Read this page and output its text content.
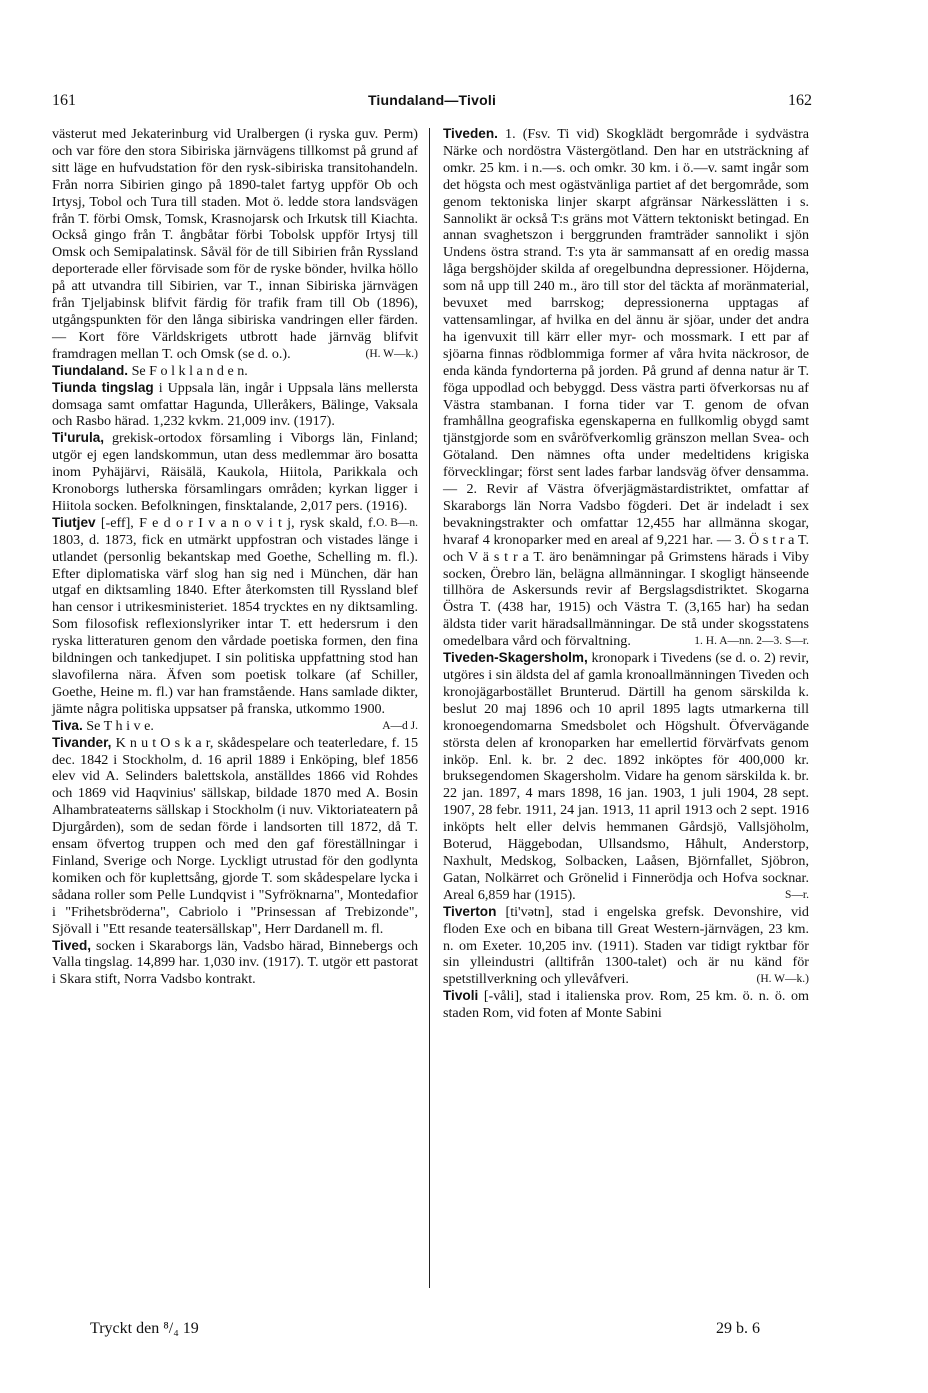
161	Tiundaland—Tivoli	162

västerut med Jekaterinburg vid Uralbergen (i ryska guv. Perm) och var före den stora Sibiriska järnvägens tillkomst på grund af sitt läge en hufvudstation för den rysk-sibiriska transitohandeln. Från norra Sibirien gingo på 1890-talet fartyg uppför Ob och Irtysj, Tobol och Tura till staden. Mot ö. ledde stora landsvägen från T. förbi Omsk, Tomsk, Krasnojarsk och Irkutsk till Kiachta. Också gingo från T. ångbåtar förbi Tobolsk uppför Irtysj till Omsk och Semipalatinsk. Såväl för de till Sibirien från Ryssland deporterade eller förvisade som för de ryske bönder, hvilka höllo på att utvandra till Sibirien, var T., innan Sibiriska järnvägen från Tjeljabinsk blifvit färdig för trafik fram till Ob (1896), utgångspunkten för den långa sibiriska vandringen eller färden. — Kort före Världskrigets utbrott hade järnväg blifvit framdragen mellan T. och Omsk (se d. o.).	(H. W—k.)

Tiundaland. Se F o l k l a n d e n.

Tiunda tingslag i Uppsala län, ingår i Uppsala läns mellersta domsaga samt omfattar Hagunda, Ulleråkers, Bälinge, Vaksala och Rasbo härad. 1,232 kvkm. 21,009 inv. (1917).

Ti'urula, grekisk-ortodox församling i Viborgs län, Finland; utgör ej egen landskommun, utan dess medlemmar äro bosatta inom Pyhäjärvi, Räisälä, Kaukola, Hiitola, Parikkala och Kronoborgs lutherska församlingars områden; kyrkan ligger i Hiitola socken. Befolkningen, finsktalande, 2,017 pers. (1916).
O. B—n.

Tiutjev [-eff], F e d o r I v a n o v i t j, rysk skald, f. 1803, d. 1873, fick en utmärkt uppfostran och vistades länge i utlandet (personlig bekantskap med Goethe, Schelling m. fl.). Efter diplomatiska värf slog han sig ned i München, där han utgaf en diktsamling 1840. Efter återkomsten till Ryssland blef han censor i utrikesministeriet. 1854 trycktes en ny diktsamling. Som filosofisk reflexionslyriker intar T. ett hedersrum i den ryska litteraturen genom den vårdade poetiska formen, den fina bildningen och tankedjupet. I sin politiska uppfattning stod han slavofilerna nära. Äfven som poetisk tolkare (af Schiller, Goethe, Heine m. fl.) var han framstående. Hans samlade dikter, jämte några politiska uppsatser på franska, utkommo 1900.
A—d J.

Tiva. Se T h i v e.

Tivander, K n u t O s k a r, skådespelare och teaterledare, f. 15 dec. 1842 i Stockholm, d. 16 april 1889 i Enköping, blef 1856 elev vid A. Selinders balettskola, anställdes 1866 vid Rohdes och 1869 vid Haqvinius' sällskap, bildade 1870 med A. Bosin Alhambrateaterns sällskap i Stockholm (i nuv. Viktoriateatern på Djurgården), som de sedan förde i landsorten till 1872, då T. ensam öfvertog truppen och med den gaf föreställningar i Finland, Sverige och Norge. Lyckligt utrustad för den godlynta komiken och för kuplettsång, gjorde T. som skådespelare lycka i sådana roller som Pelle Lundqvist i "Syfröknarna", Montedafior i "Frihetsbröderna", Cabriolo i "Prinsessan af Trebizonde", Sjövall i "Ett resande teatersällskap", Herr Dardanell m. fl.

Tived, socken i Skaraborgs län, Vadsbo härad, Binnebergs och Valla tingslag. 14,899 har. 1,030 inv. (1917). T. utgör ett pastorat i Skara stift, Norra Vadsbo kontrakt.

Tiveden. 1. (Fsv. Ti vid) Skogklädt bergområde i sydvästra Närke och nordöstra Västergötland. Den har en utsträckning af omkr. 25 km. i n.—s. och omkr. 30 km. i ö.—v. samt ingår som det högsta och mest ogästvänliga partiet af det bergområde, som genom tektoniska linjer skarpt afgränsar Närkesslätten i s. Sannolikt är också T:s gräns mot Vättern tektoniskt betingad. En annan svaghetszon i berggrunden framträder sannolikt i sjön Undens östra strand. T:s yta är sammansatt af en oredig massa låga bergshöjder skilda af oregelbundna depressioner. Höjderna, som nå upp till 240 m., äro till stor del täckta af moränmaterial, bevuxet med barrskog; depressionerna upptagas af vattensamlingar, af hvilka en del ännu är sjöar, under det andra ha igenvuxit till kärr eller myr- och mossmark. I ett par af sjöarna finnas rödblommiga former af våra hvita näckrosor, de enda kända fyndorterna på jorden. På grund af denna natur är T. föga uppodlad och bebyggd. Dess västra parti öfverkorsas nu af Västra stambanan. I forna tider var T. genom de ofvan framhållna geografiska egenskaperna en fullkomlig obygd samt tjänstgjorde som en svåröfverkomlig gränszon mellan Svea- och Götaland. Den nämnes ofta under medeltidens krigiska förvecklingar; först sent lades farbar landsväg öfver densamma. — 2. Revir af Västra öfverjägmästardistriktet, omfattar af Skaraborgs län Norra Vadsbo fögderi. Det är indeladt i sex bevakningstrakter och omfattar 12,455 har allmänna skogar, hvaraf 4 kronoparker med en areal af 9,221 har. — 3. Ö s t r a T. och V ä s t r a T. äro benämningar på Grimstens härads i Viby socken, Örebro län, belägna allmänningar. I skogligt hänseende tillhöra de Askersunds revir af Bergslagsdistriktet. Skogarna Östra T. (438 har, 1915) och Västra T. (3,165 har) ha sedan äldsta tider varit häradsallmänningar. De stå under skogsstatens omedelbara vård och förvaltning.	1. H. A—nn. 2—3. S—r.

Tiveden-Skagersholm, kronopark i Tivedens (se d. o. 2) revir, utgöres i sin äldsta del af gamla kronoallmänningen Tiveden och kronojägarbostället Brunterud. Därtill ha genom särskilda k. beslut 20 maj 1896 och 10 april 1895 lagts utmarkerna till kronoegendomarna Smedsbolet och Högshult. Öfvervägande största delen af kronoparken har emellertid förvärfvats genom inköp. Enl. k. br. 2 dec. 1892 inköptes för 400,000 kr. bruksegendomen Skagersholm. Vidare ha genom särskilda k. br. 22 jan. 1897, 4 mars 1898, 16 jan. 1903, 1 juli 1904, 28 sept. 1907, 28 febr. 1911, 24 jan. 1913, 11 april 1913 och 2 sept. 1916 inköpts helt eller delvis hemmanen Gårdsjö, Vallsjöholm, Boterud, Häggebodan, Ullsandsmo, Håhult, Anderstorp, Naxhult, Medskog, Solbacken, Laåsen, Björnfallet, Sjöbron, Gatan, Nolkärret och Grönelid i Finnerödja och Hofva socknar. Areal 6,859 har (1915).	S—r.

Tiverton [ti'vətn], stad i engelska grefsk. Devonshire, vid floden Exe och en bibana till Great Western-järnvägen, 23 km. n. om Exeter. 10,205 inv. (1911). Staden var tidigt ryktbar för sin ylleindustri (alltifrån 1300-talet) och är nu känd för spetstillverkning och yllevåfveri.	(H. W—k.)

Tivoli [-våli], stad i italienska prov. Rom, 25 km. ö. n. ö. om staden Rom, vid foten af Monte Sabini

Tryckt den ⁸/₄ 19	29 b. 6
